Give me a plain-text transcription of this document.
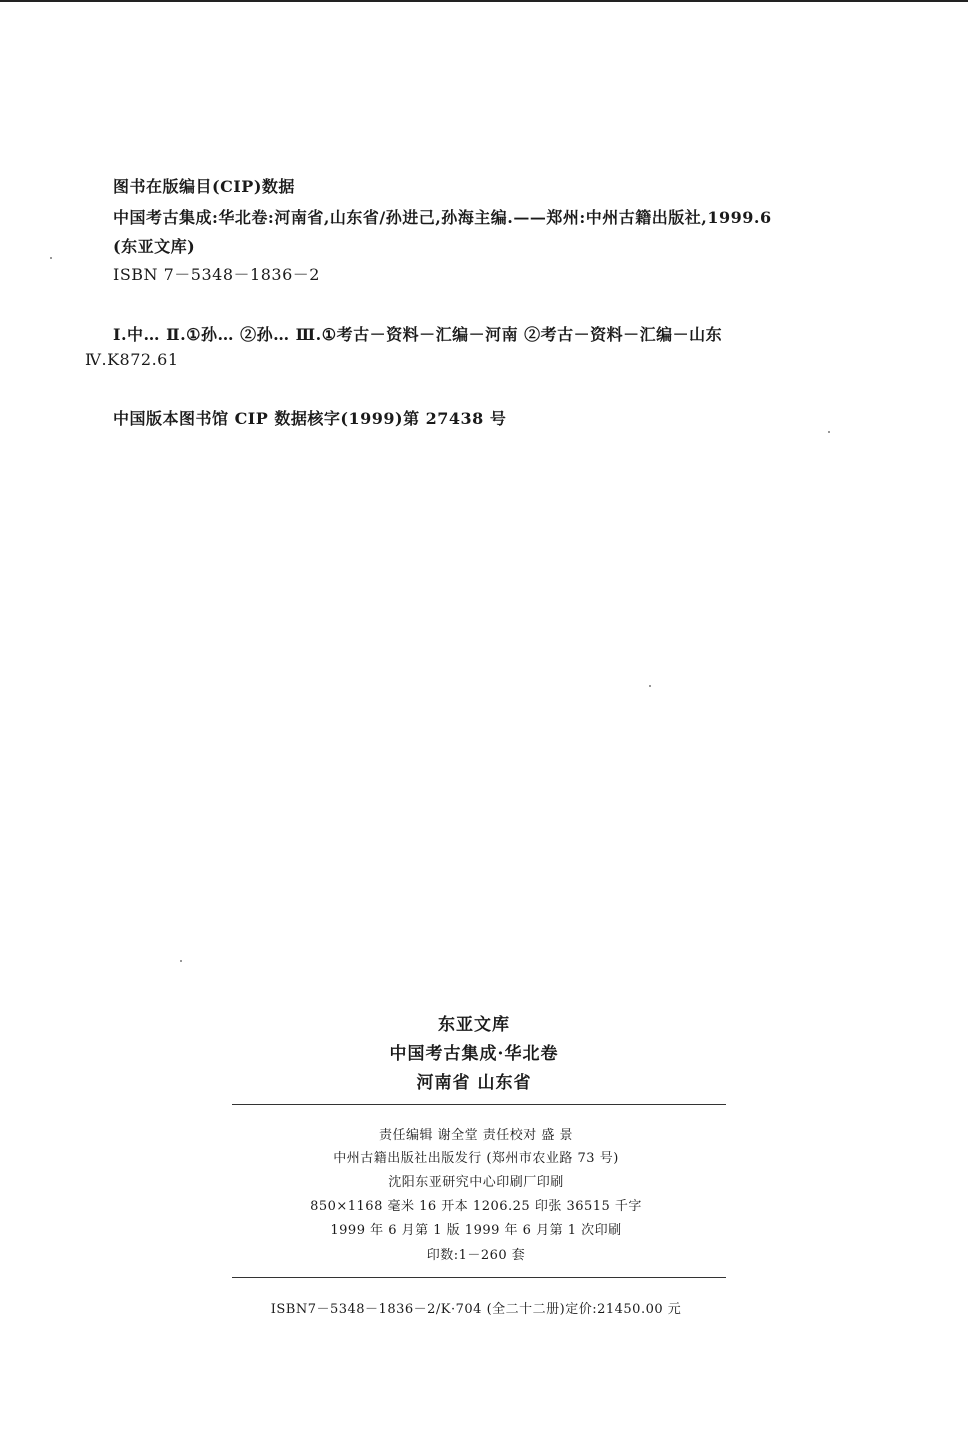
图书在版编目(CIP)数据
中国考古集成:华北卷:河南省,山东省/孙进己,孙海主编.——郑州:中州古籍出版社,1999.6
(东亚文库)
ISBN 7－5348－1836－2
Ⅰ.中… Ⅱ.①孙… ②孙… Ⅲ.①考古－资料－汇编－河南 ②考古－资料－汇编－山东
Ⅳ.K872.61
中国版本图书馆 CIP 数据核字(1999)第 27438 号
东亚文库
中国考古集成·华北卷
河南省 山东省
责任编辑 谢全堂 责任校对 盛 景
中州古籍出版社出版发行 (郑州市农业路 73 号)
沈阳东亚研究中心印刷厂印刷
850×1168 毫米 16 开本 1206.25 印张 36515 千字
1999 年 6 月第 1 版 1999 年 6 月第 1 次印刷
印数:1－260 套
ISBN7－5348－1836－2/K·704 (全二十二册)定价:21450.00 元
